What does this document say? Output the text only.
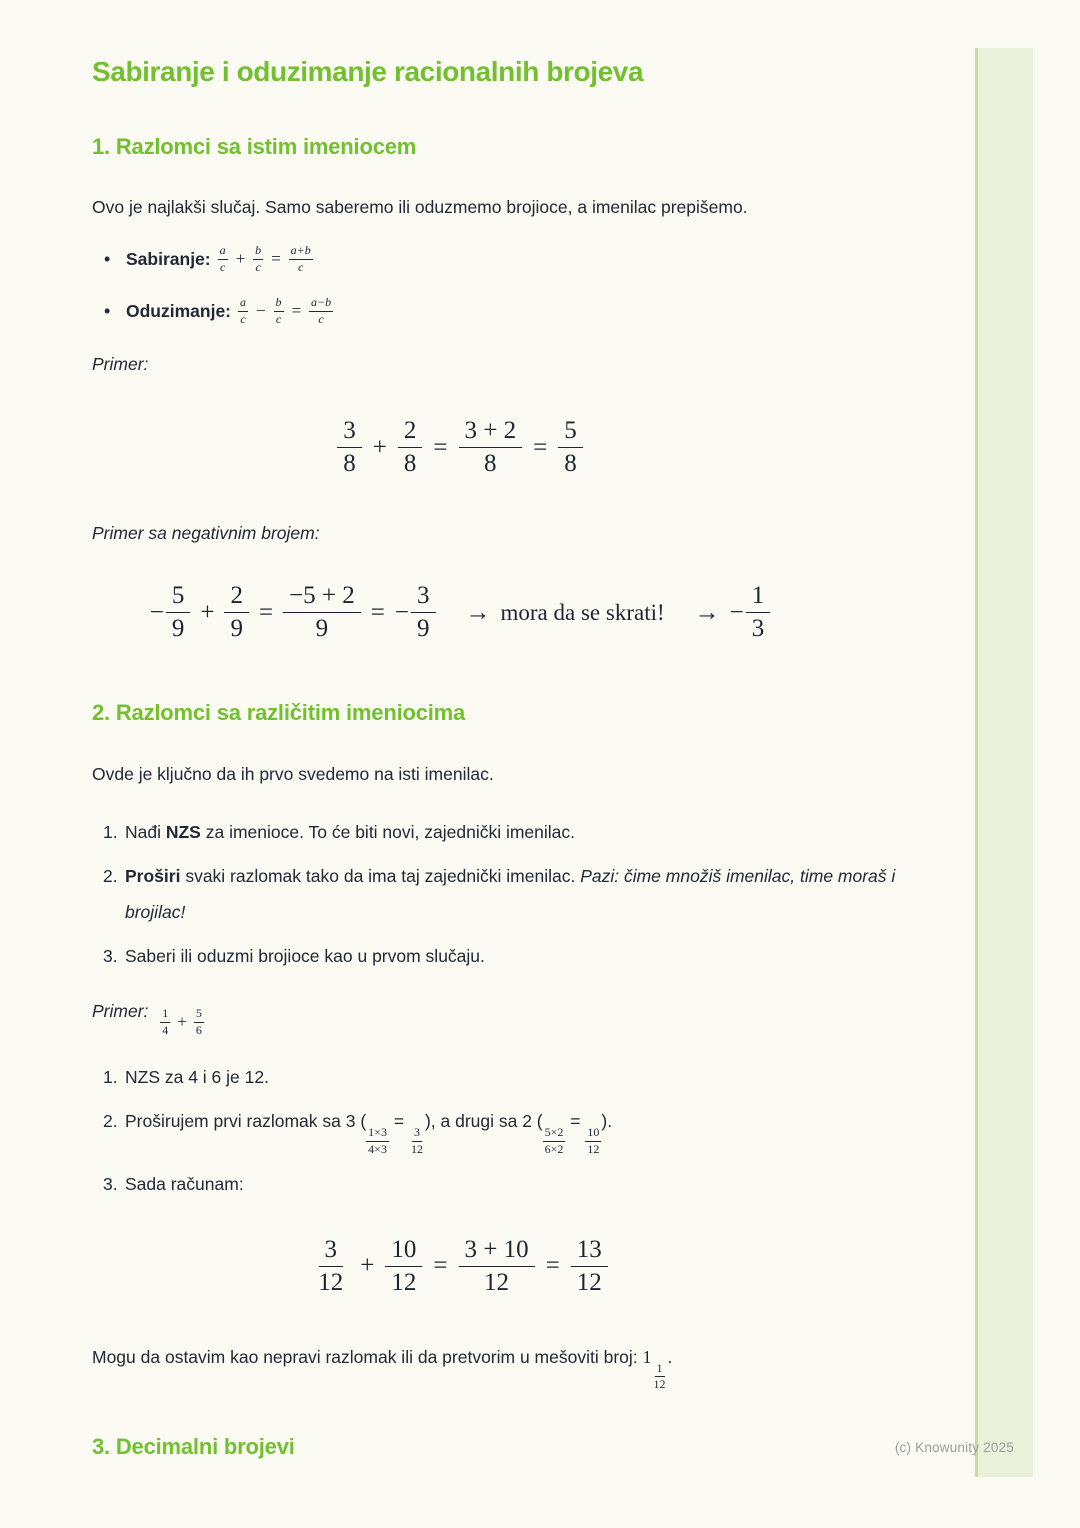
Sabiranje i oduzimanje racionalnih brojeva
1. Razlomci sa istim imeniocem

Ovo je najlakši slučaj. Samo saberemo ili oduzmemo brojioce, a imenilac prepišemo.

• Sabiranje: a
$c + \frac{b}{c} = \frac{a+b}{c}$
• Oduzimanje: a
$c - \frac{b}{c} = \frac{a-b}{c}$

Primer:

3
8
+ $\frac{2}{8} = \frac{3 + 2}{8} = \frac{5}{8}$

Primer sa negativnim brojem:

− $\frac{5}{9} + \frac{2}{9} = \frac{-5 + 2}{9}$ = − $\frac{3}{9}$ → mora da se skrati! → − $\frac{1}{3}$
2. Razlomci sa različitim imeniocima

Ovde je ključno da ih prvo svedemo na isti imenilac.

1. Nađi NZS za imenioce. To će biti novi, zajednički imenilac.
2. Proširi svaki razlomak tako da ima taj zajednički imenilac. Pazi: čime množiš imenilac, time moraš i brojilac!
3. Saberi ili oduzmi brojioce kao u prvom slučaju.

Primer: 1
$4 + \frac{5}{6}$

1. NZS za 4 i 6 je 12.
2. Proširujem prvi razlomak sa 3 (
$\frac{1\times 3}{4\times 3}$
=
$\frac{3}{12}$
), a drugi sa 2 (
$\frac{5\times 2}{6\times 2}$
=
$\frac{10}{12}$
).
3. Sada računam:
3
12
+ $\frac{10}{12} = \frac{3 + 10}{12} = \frac{13}{12}$

Mogu da ostavim kao nepravi razlomak ili da pretvorim u mešoviti broj: 1
$\frac{1}{12}$
.

3. Decimalni brojevi	(c) Knowunity 2025
